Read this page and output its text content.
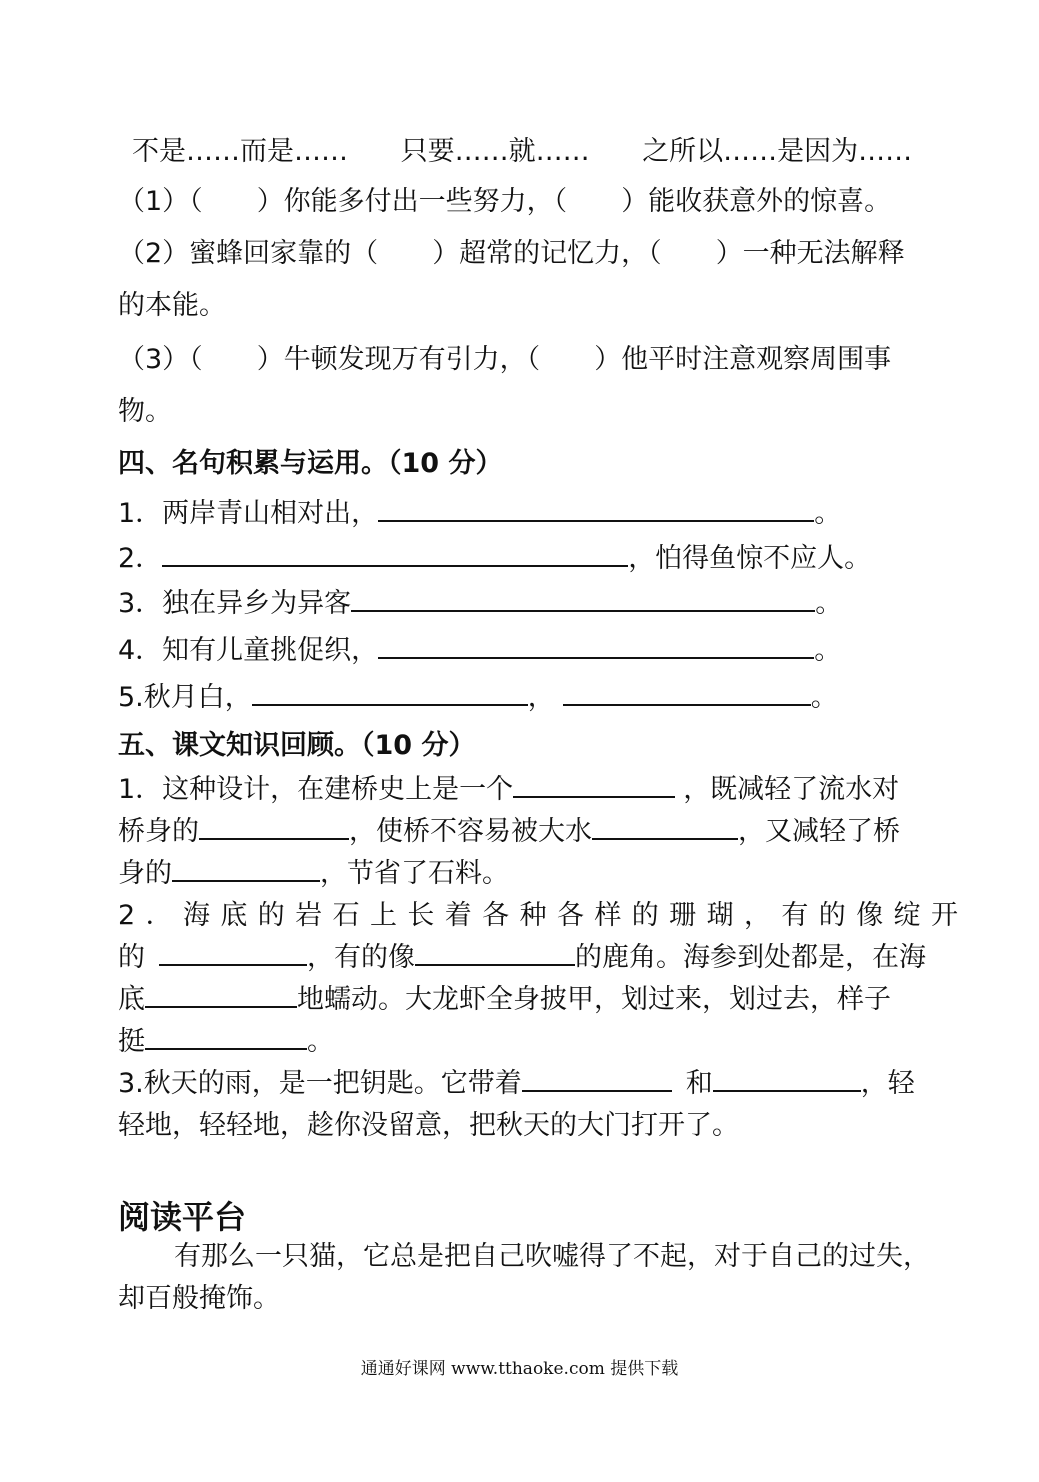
不是……而是…… 只要……就…… 之所以……是因为……
（1）（ ）你能多付出一些努力，（ ）能收获意外的惊喜。
（2）蜜蜂回家靠的（ ）超常的记忆力，（ ）一种无法解释
的本能。
（3）（ ）牛顿发现万有引力，（ ）他平时注意观察周围事
物。
四、名句积累与运用。（10 分）
1．两岸青山相对出，	。
2．	，怕得鱼惊不应人。
3．独在异乡为异客	。
4．知有儿童挑促织，	。
5.秋月白，	，	。
五、课文知识回顾。（10 分）
1．这种设计，在建桥史上是一个	，既减轻了流水对
桥身的	，使桥不容易被大水	，又减轻了桥
身的	，节省了石料。
2．海底的岩石上长着各种各样的珊瑚，有的像绽开
的	，有的像	的鹿角。海参到处都是，在海
底	地蠕动。大龙虾全身披甲，划过来，划过去，样子
挺	。
3.秋天的雨，是一把钥匙。它带着	和	，轻
轻地，轻轻地，趁你没留意，把秋天的大门打开了。
阅读平台
有那么一只猫，它总是把自己吹嘘得了不起，对于自己的过失，
却百般掩饰。
通通好课网 www.tthaoke.com 提供下载
